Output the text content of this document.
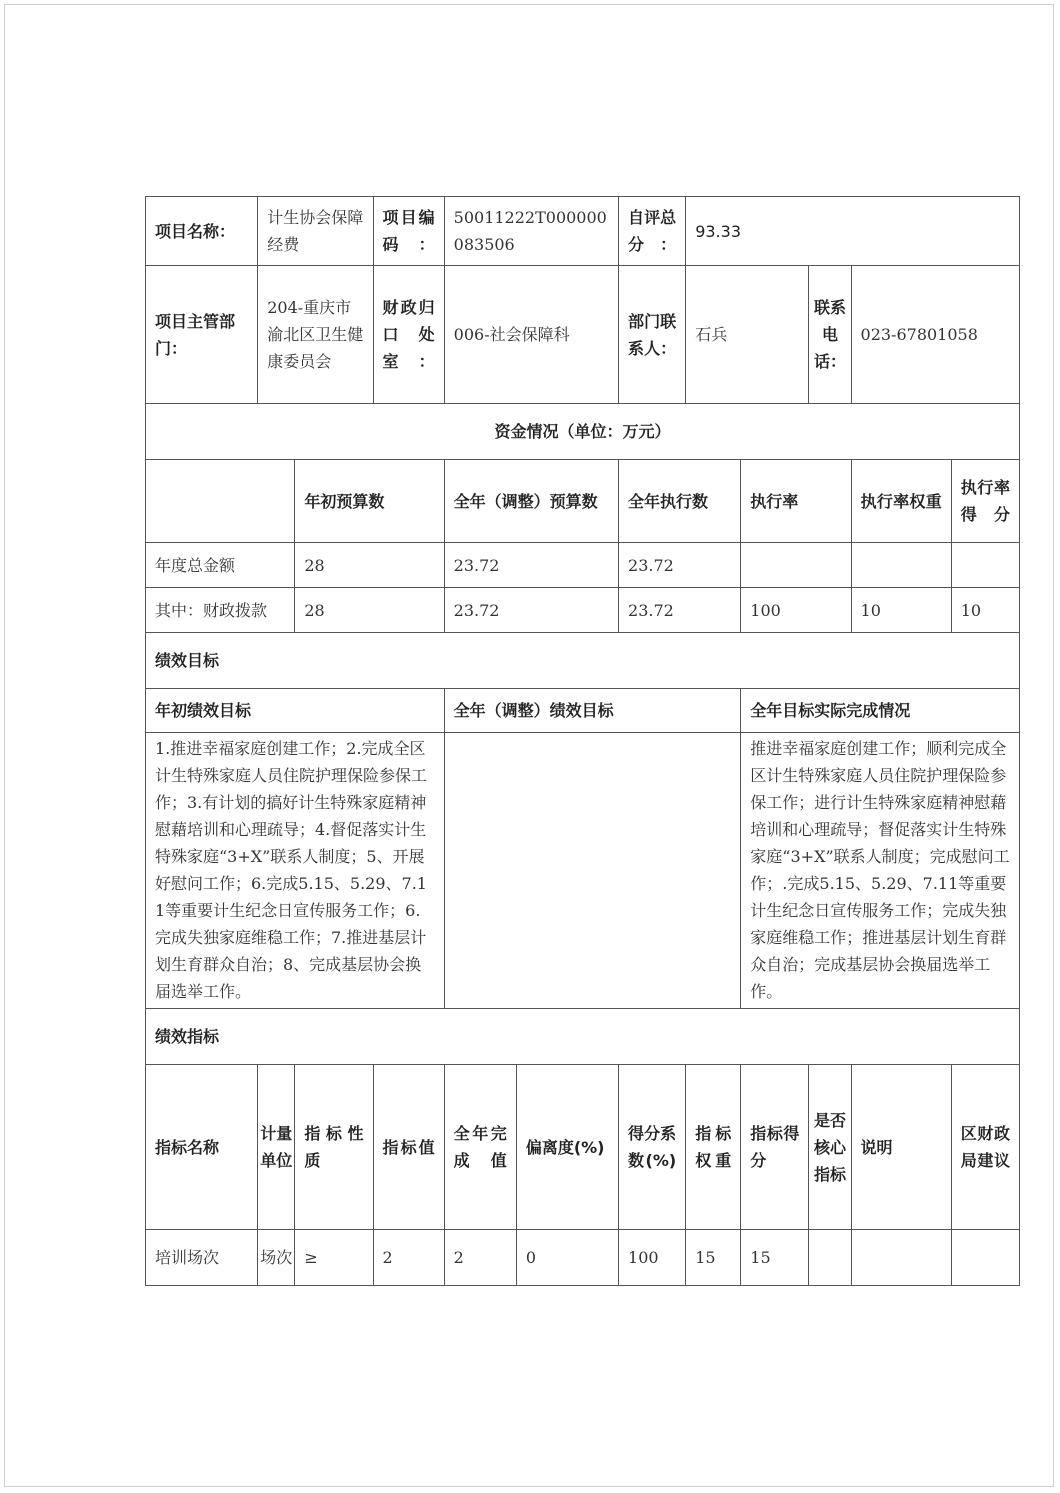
项目名称：	计生协会保障经费		项目编码：	50011222T000000083506		自评总分：	93.33				
项目主管部门：	204-重庆市渝北区卫生健康委员会		财政归口处室：	006-社会保障科		部门联系人：	石兵		联系电话：	023-67801058	
资金情况（单位：万元）											
		年初预算数		全年（调整）预算数		全年执行数		执行率		执行率权重	执行率得分
年度总金额		28		23.72		23.72					
其中：财政拨款		28		23.72		23.72		100		10	10
绩效目标											
年初绩效目标				全年（调整）绩效目标				全年目标实际完成情况			
1.推进幸福家庭创建工作；2.完成全区计生特殊家庭人员住院护理保险参保工作；3.有计划的搞好计生特殊家庭精神慰藉培训和心理疏导；4.督促落实计生特殊家庭“3+X”联系人制度；5、开展好慰问工作；6.完成5.15、5.29、7.11等重要计生纪念日宣传服务工作；6.完成失独家庭维稳工作；7.推进基层计划生育群众自治；8、完成基层协会换届选举工作。								推进幸福家庭创建工作；顺利完成全区计生特殊家庭人员住院护理保险参保工作；进行计生特殊家庭精神慰藉培训和心理疏导；督促落实计生特殊家庭“3+X”联系人制度；完成慰问工作；.完成5.15、5.29、7.11等重要计生纪念日宣传服务工作；完成失独家庭维稳工作；推进基层计划生育群众自治；完成基层协会换届选举工作。			
绩效指标											
指标名称	计量单位	指标性质	指标值	全年完成值	偏离度(%)	得分系数(%)	指标权重	指标得分	是否核心指标	说明	区财政局建议
培训场次	场次	≥	2	2	0	100	15	15			
